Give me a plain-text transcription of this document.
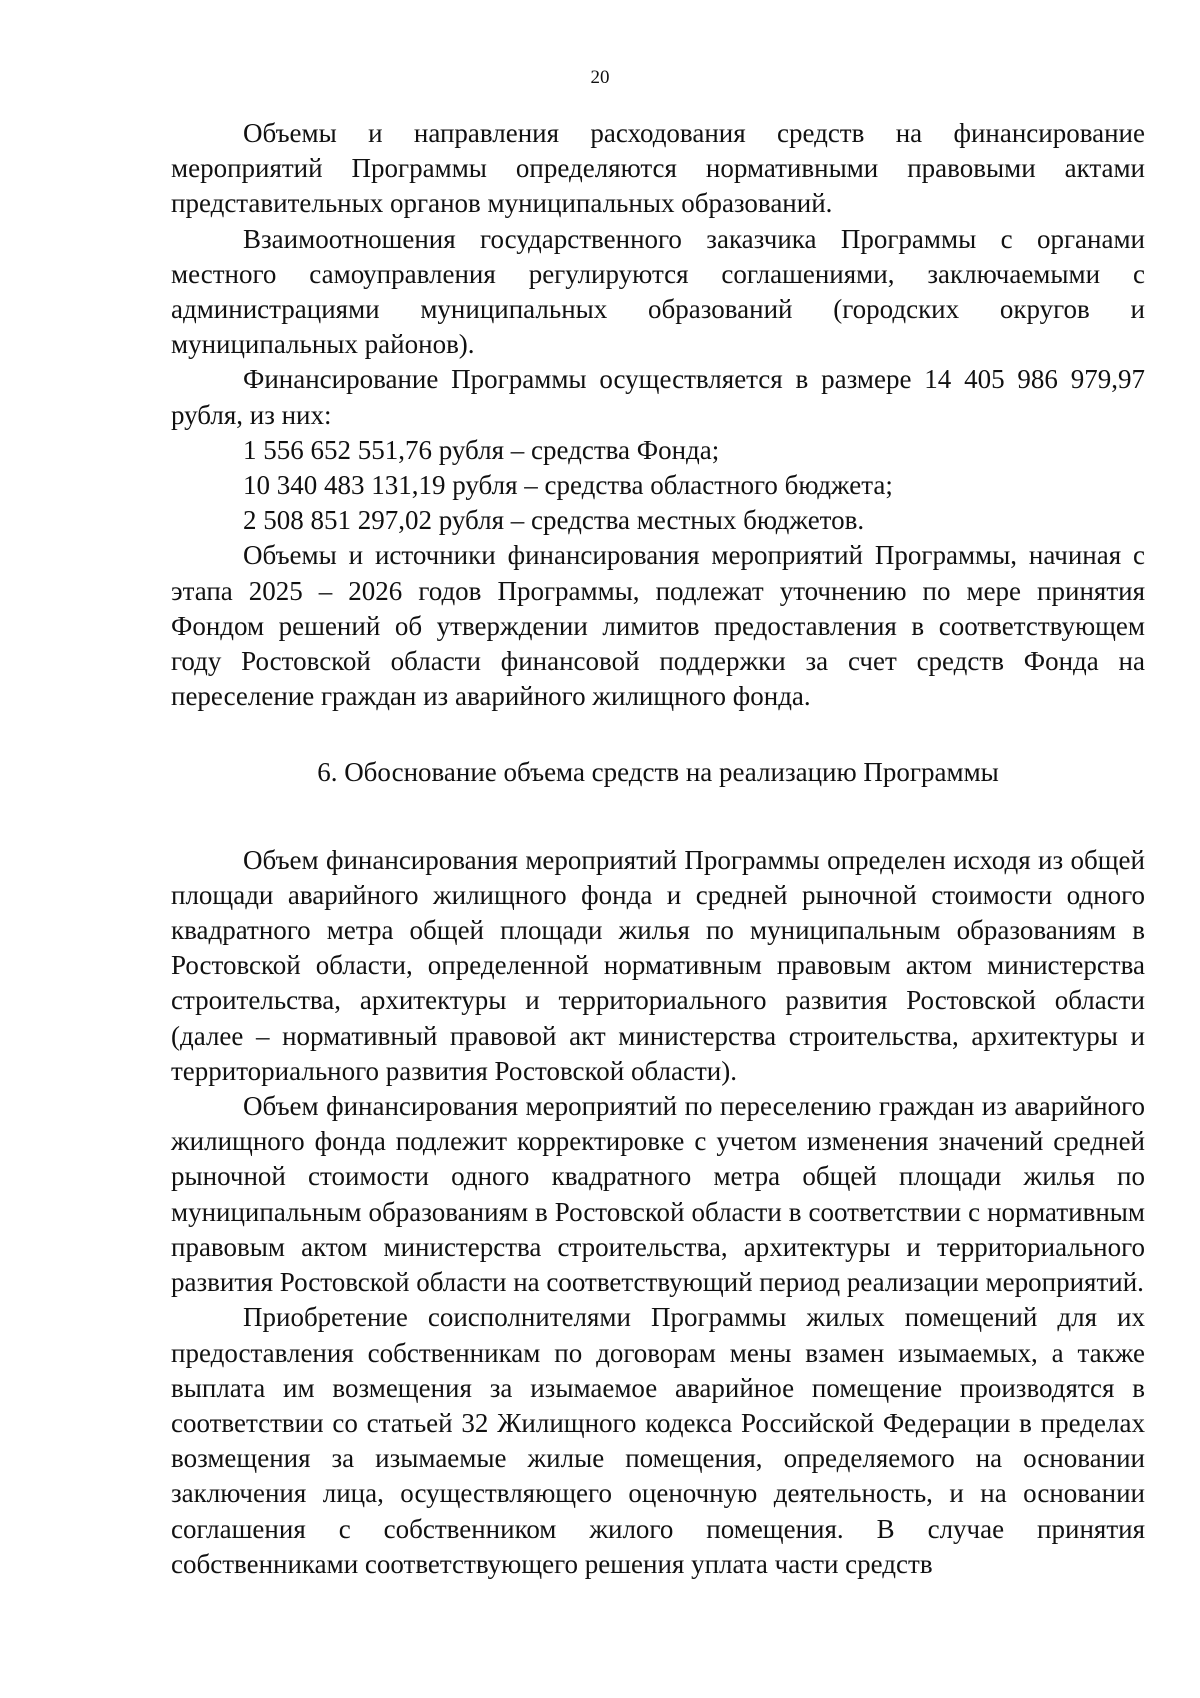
20

Объемы и направления расходования средств на финансирование мероприятий Программы определяются нормативными правовыми актами представительных органов муниципальных образований.

Взаимоотношения государственного заказчика Программы с органами местного самоуправления регулируются соглашениями, заключаемыми с администрациями муниципальных образований (городских округов и муниципальных районов).

Финансирование Программы осуществляется в размере 14 405 986 979,97 рубля, из них:

1 556 652 551,76 рубля – средства Фонда;

10 340 483 131,19 рубля – средства областного бюджета;

2 508 851 297,02 рубля – средства местных бюджетов.

Объемы и источники финансирования мероприятий Программы, начиная с этапа 2025 – 2026 годов Программы, подлежат уточнению по мере принятия Фондом решений об утверждении лимитов предоставления в соответствующем году Ростовской области финансовой поддержки за счет средств Фонда на переселение граждан из аварийного жилищного фонда.

6. Обоснование объема средств на реализацию Программы

Объем финансирования мероприятий Программы определен исходя из общей площади аварийного жилищного фонда и средней рыночной стоимости одного квадратного метра общей площади жилья по муниципальным образованиям в Ростовской области, определенной нормативным правовым актом министерства строительства, архитектуры и территориального развития Ростовской области (далее – нормативный правовой акт министерства строительства, архитектуры и территориального развития Ростовской области).

Объем финансирования мероприятий по переселению граждан из аварийного жилищного фонда подлежит корректировке с учетом изменения значений средней рыночной стоимости одного квадратного метра общей площади жилья по муниципальным образованиям в Ростовской области в соответствии с нормативным правовым актом министерства строительства, архитектуры и территориального развития Ростовской области на соответствующий период реализации мероприятий.

Приобретение соисполнителями Программы жилых помещений для их предоставления собственникам по договорам мены взамен изымаемых, а также выплата им возмещения за изымаемое аварийное помещение производятся в соответствии со статьей 32 Жилищного кодекса Российской Федерации в пределах возмещения за изымаемые жилые помещения, определяемого на основании заключения лица, осуществляющего оценочную деятельность, и на основании соглашения с собственником жилого помещения. В случае принятия собственниками соответствующего решения уплата части средств
